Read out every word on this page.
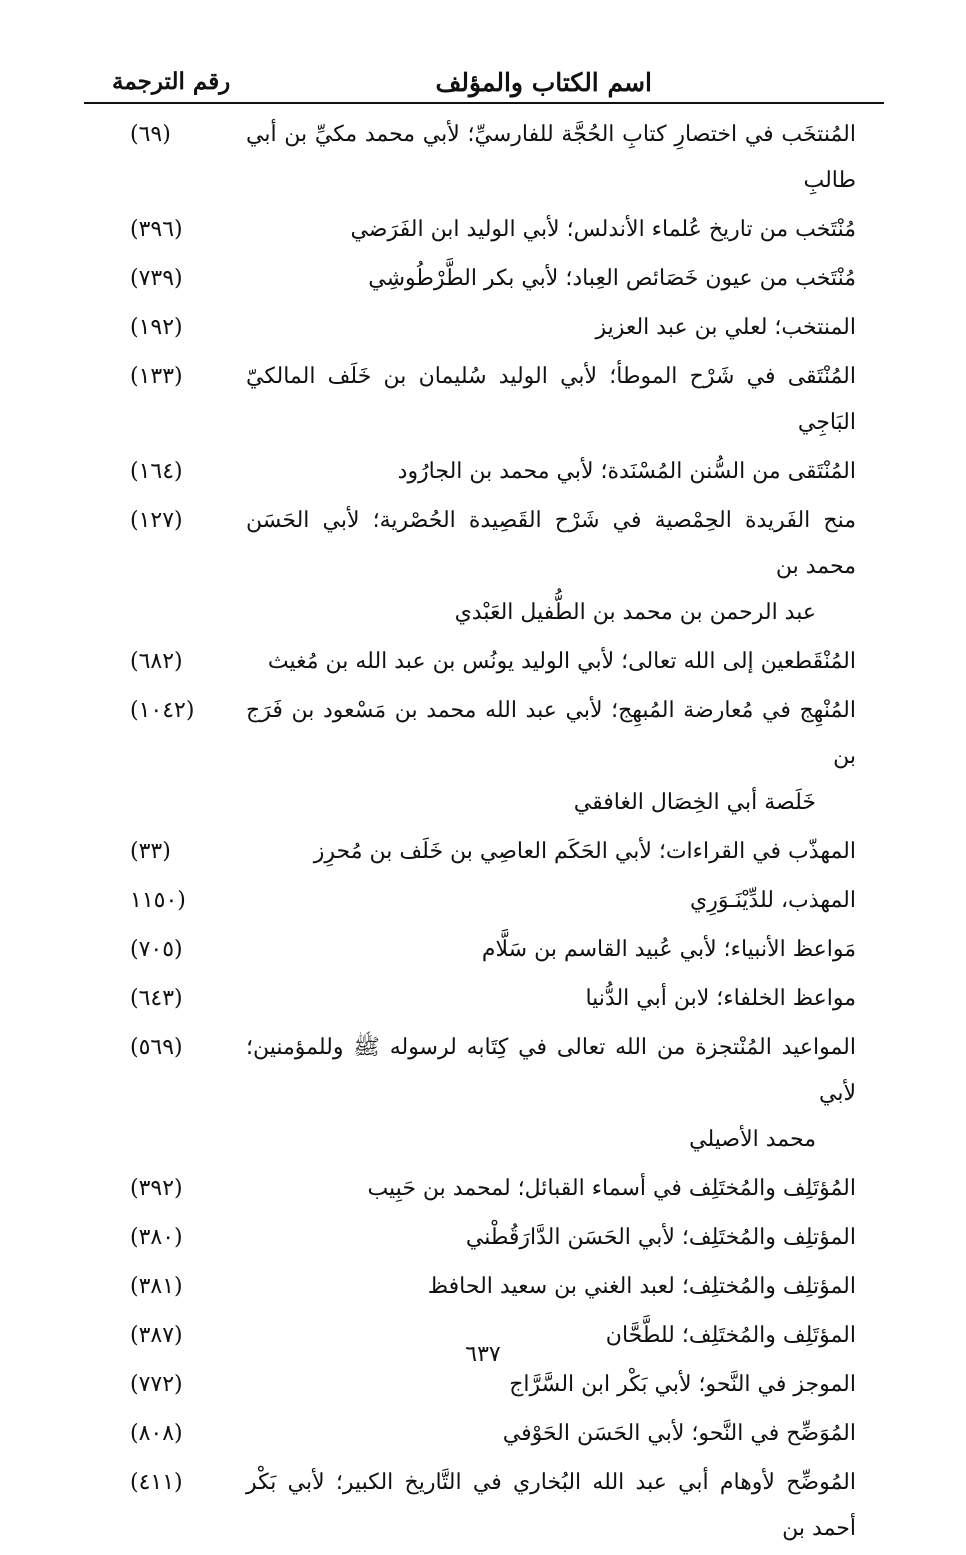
اسم الكتاب والمؤلف
رقم الترجمة
المُنتخَب في اختصارِ كتابِ الحُجَّة للفارسيِّ؛ لأبي محمد مكيِّ بن أبي طالبِ
(٦٩)
مُنْتَخب من تاريخ عُلماء الأندلس؛ لأبي الوليد ابن الفَرَضي
(٣٩٦)
مُنْتَخب من عيون خَصَائص العِباد؛ لأبي بكر الطَّرْطُوشِي
(٧٣٩)
المنتخب؛ لعلي بن عبد العزيز
(١٩٢)
المُنْتَقى في شَرْح الموطأ؛ لأبي الوليد سُليمان بن خَلَف المالكيّ البَاجِي
(١٣٣)
المُنْتَقى من السُّنن المُسْنَدة؛ لأبي محمد بن الجارُود
(١٦٤)
منح الفَريدة الحِمْصية في شَرْح القَصِيدة الحُصْرية؛ لأبي الحَسَن محمد بن
عبد الرحمن بن محمد بن الطُّفيل العَبْدي
(١٢٧)
المُنْقَطعين إلى الله تعالى؛ لأبي الوليد يونُس بن عبد الله بن مُغيث
(٦٨٢)
المُنْهِج في مُعارضة المُبهِج؛ لأبي عبد الله محمد بن مَسْعود بن فَرَج بن
خَلَصة أبي الخِصَال الغافقي
(١٠٤٢)
المهذّب في القراءات؛ لأبي الحَكَم العاصِي بن خَلَف بن مُحرِز
(٣٣)
المهذب، للدِّيْنَـوَرِي
(١١٥٠
مَواعظ الأنبياء؛ لأبي عُبيد القاسم بن سَلَّام
(٧٠٥)
مواعظ الخلفاء؛ لابن أبي الدُّنيا
(٦٤٣)
المواعيد المُنْتجزة من الله تعالى في كِتَابه لرسوله ﷺ وللمؤمنين؛ لأبي
محمد الأصيلي
(٥٦٩)
المُؤتَلِف والمُختَلِف في أسماء القبائل؛ لمحمد بن حَبِيب
(٣٩٢)
المؤتلِف والمُختَلِف؛ لأبي الحَسَن الدَّارَقُطْني
(٣٨٠)
المؤتلِف والمُختلِف؛ لعبد الغني بن سعيد الحافظ
(٣٨١)
المؤتَلِف والمُختَلِف؛ للطَّحَّان
(٣٨٧)
الموجز في النَّحو؛ لأبي بَكْر ابن السَّرَّاج
(٧٧٢)
المُوَضِّح في النَّحو؛ لأبي الحَسَن الحَوْفي
(٨٠٨)
المُوضِّح لأوهام أبي عبد الله البُخاري في التَّاريخ الكبير؛ لأبي بَكْر أحمد بن
(٤١١)
٦٣٧
